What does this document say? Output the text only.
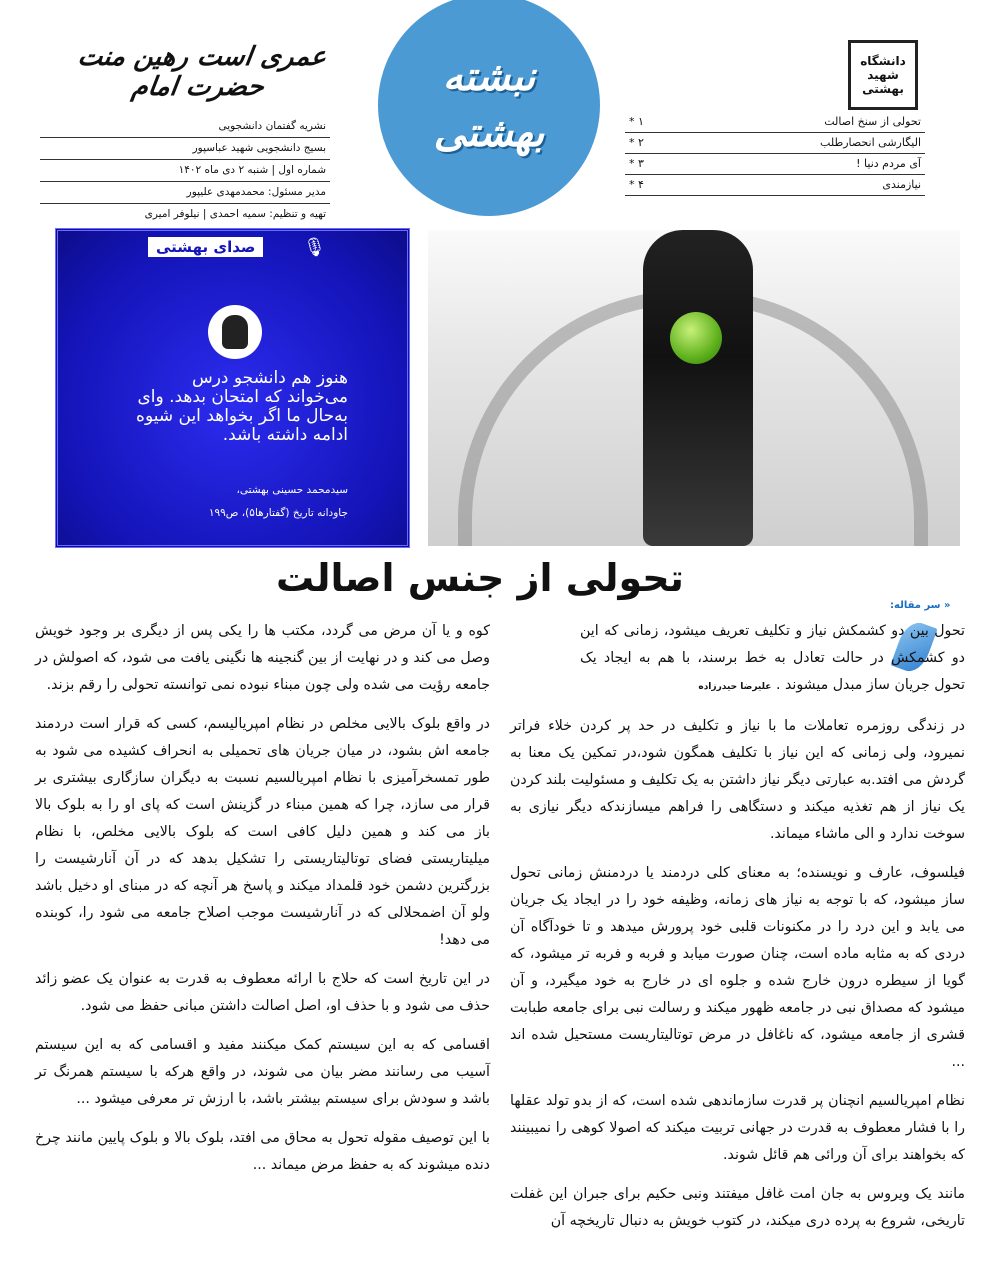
عمری است رهین منت حضرت امام
نشریه گفتمان دانشجویی
بسیج دانشجویی شهید عباسپور
شماره اول | شنبه ۲ دی ماه ۱۴۰۲
مدیر مسئول: محمدمهدی علیپور
تهیه و تنظیم: سمیه احمدی | نیلوفر امیری
نبشته
بهشتی
دانشگاه شهید بهشتی
تحولی از سنخ اصالت
* ۱
الیگارشی انحصارطلب
* ۲
آی مردم دنیا !
* ۳
نیازمندی
* ۴
صدای بهشتی	🎙
هنوز هم دانشجو درس می‌خواند که امتحان بدهد. وای به‌حال ما اگر بخواهد این شیوه ادامه داشته باشد.
سیدمحمد حسینی بهشتی،
جاودانه تاریخ (گفتارها۵)، ص۱۹۹
تحولی از جنس اصالت
« سر مقاله:

تحول بین دو کشمکش نیاز و تکلیف تعریف میشود، زمانی که این دو کشمکش در حالت تعادل به خط برسند، با هم به ایجاد یک تحول جریان ساز مبدل میشوند . علیرضا حیدرزاده

در زندگی روزمره تعاملات ما با نیاز و تکلیف در حد پر کردن خلاء فراتر نمیرود، ولی زمانی که این نیاز با تکلیف همگون شود،در تمکین یک معنا به گردش می افتد.به عبارتی دیگر نیاز داشتن به یک تکلیف و مسئولیت بلند کردن یک نیاز از هم تغذیه میکند و دستگاهی را فراهم میسازندکه دیگر نیازی به سوخت ندارد و الی ماشاء میماند.

فیلسوف، عارف و نویسنده؛ به معنای کلی دردمند یا دردمنش زمانی تحول ساز میشود، که با توجه به نیاز های زمانه، وظیفه خود را در ایجاد یک جریان می یابد و این درد را در مکنونات قلبی خود پرورش میدهد و تا خودآگاه آن دردی که به مثابه ماده است، چنان صورت میابد و فربه و فربه تر میشود، که گویا از سیطره درون خارج شده و جلوه ای در خارج به خود میگیرد، و آن میشود که مصداق نبی در جامعه ظهور میکند و رسالت نبی برای جامعه طبابت قشری از جامعه میشود، که ناغافل در مرض توتالیتاریست مستحیل شده اند ...

نظام امپریالسیم انچنان پر قدرت سازماندهی شده است، که از بدو تولد عقلها را با فشار معطوف به قدرت در جهانی تربیت میکند که اصولا کوهی را نمیبینند که بخواهند برای آن ورائی هم قائل شوند.

مانند یک ویروس به جان امت غافل میفتند ونبی حکیم برای جبران این غفلت تاریخی، شروع به پرده دری میکند، در کتوب خویش به دنبال تاریخچه آن

کوه و یا آن مرض می گردد، مکتب ها را یکی پس از دیگری بر وجود خویش وصل می کند و در نهایت از بین گنجینه ها نگینی یافت می شود، که اصولش در جامعه رؤیت می شده ولی چون مبناء نبوده نمی توانسته تحولی را رقم بزند.

در واقع بلوک بالایی مخلص در نظام امپریالیسم، کسی که قرار است دردمند جامعه اش بشود، در میان جریان های تحمیلی به انحراف کشیده می شود به طور تمسخرآمیزی با نظام امپریالسیم نسبت به دیگران سازگاری بیشتری بر قرار می سازد، چرا که همین مبناء در گزینش است که پای او را به بلوک بالا باز می کند و همین دلیل کافی است که بلوک بالایی مخلص، با نظام میلیتاریستی فضای توتالیتاریستی را تشکیل بدهد که در آن آنارشیست را بزرگترین دشمن خود قلمداد میکند و پاسخ هر آنچه که در مبنای او دخیل باشد ولو آن اضمحلالی که در آنارشیست موجب اصلاح جامعه می شود را، کوبنده می دهد!

در این تاریخ است که حلاج با ارائه معطوف به قدرت به عنوان یک عضو زائد حذف می شود و با حذف او، اصل اصالت داشتن مبانی حفظ می شود.

اقسامی که به این سیستم کمک میکنند مفید و اقسامی که به این سیستم آسیب می رسانند مضر بیان می شوند، در واقع هرکه با سیستم همرنگ تر باشد و سودش برای سیستم بیشتر باشد، با ارزش تر معرفی میشود ...

با این توصیف مقوله تحول به محاق می افتد، بلوک بالا و بلوک پایین مانند چرخ دنده میشوند که به حفظ مرض میماند ...
